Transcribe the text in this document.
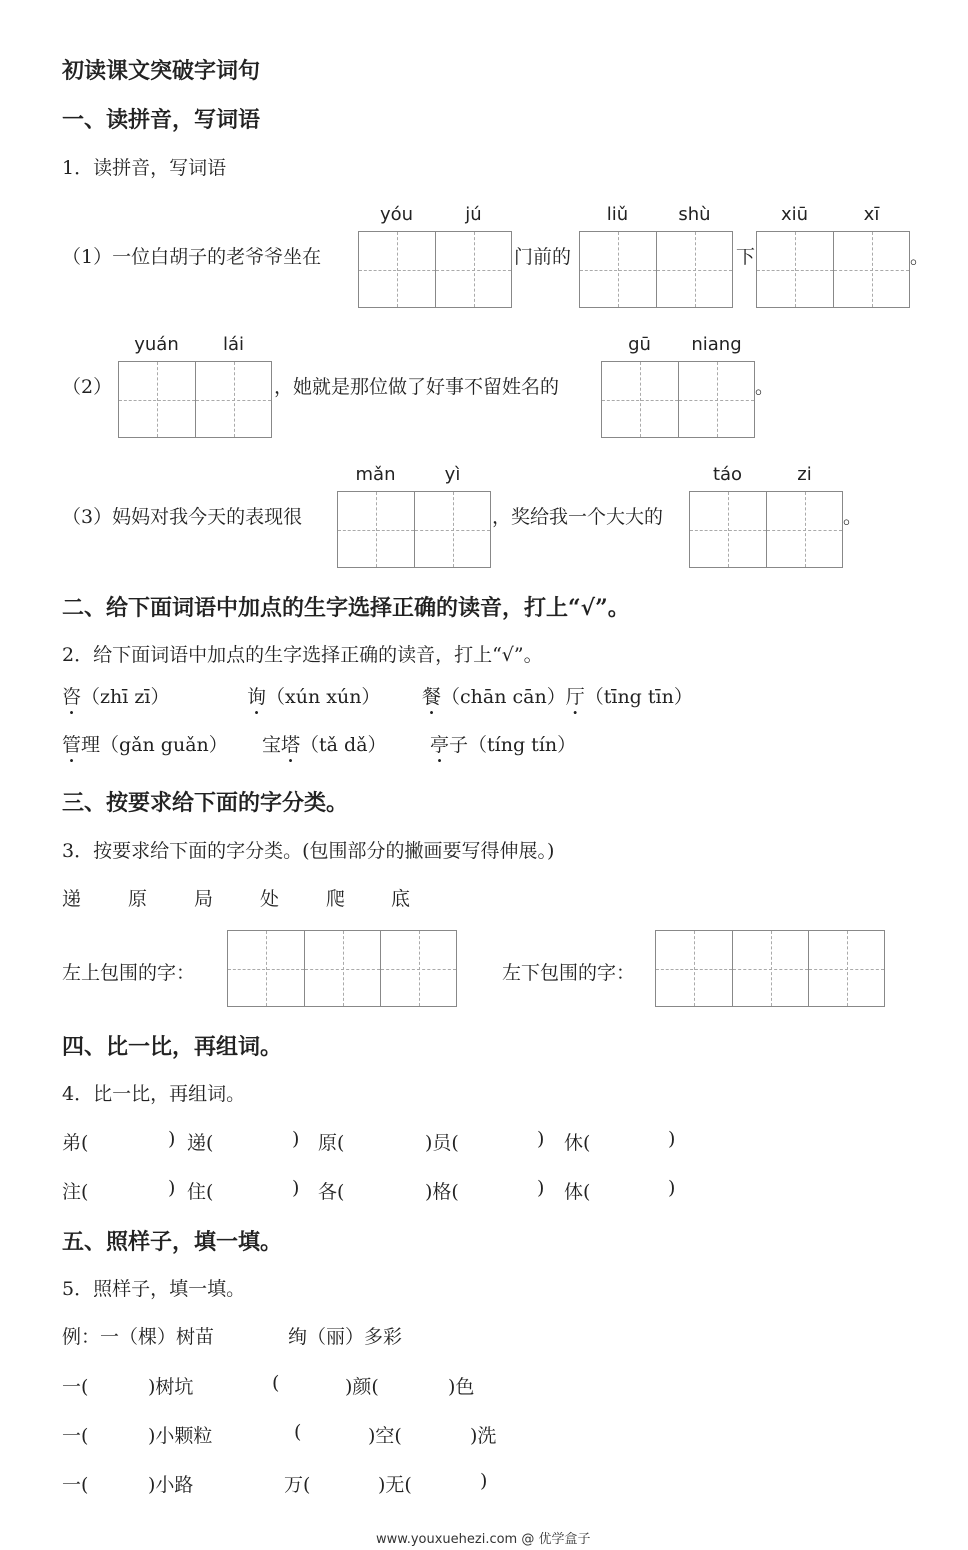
初读课文突破字词句
一、读拼音，写词语
1．读拼音，写词语
yóu	jú	liǔ	shù	xiū	xī
（1）一位白胡子的老爷爷坐在	门前的	下	。
yuán	lái	gū	niang
（2）	，她就是那位做了好事不留姓名的	。
mǎn	yì	táo	zi
（3）妈妈对我今天的表现很	，奖给我一个大大的	。
二、给下面词语中加点的生字选择正确的读音，打上“√”。
2．给下面词语中加点的生字选择正确的读音，打上“√”。
咨（zhī zī）	询（xún xún） 餐（chān cān）厅（tīng tīn）
管理（gǎn guǎn） 宝塔（tǎ dǎ） 亭子（tíng tín）
三、按要求给下面的字分类。
3．按要求给下面的字分类。(包围部分的撇画要写得伸展。)
递 原 局 处 爬 底
左上包围的字：	左下包围的字：
四、比一比，再组词。
4．比一比，再组词。
弟(	) 递(	) 原(	)员(	) 休(	)
注(	) 住(	) 各(	)格(	) 体(	)
五、照样子，填一填。
5．照样子，填一填。
例：一（棵）树苗	绚（丽）多彩
一(	)树坑	(	)颜(	)色
一(	)小颗粒	(	)空(	)洗
一(	)小路	万(	)无(	)
www.youxuehezi.com @ 优学盒子
